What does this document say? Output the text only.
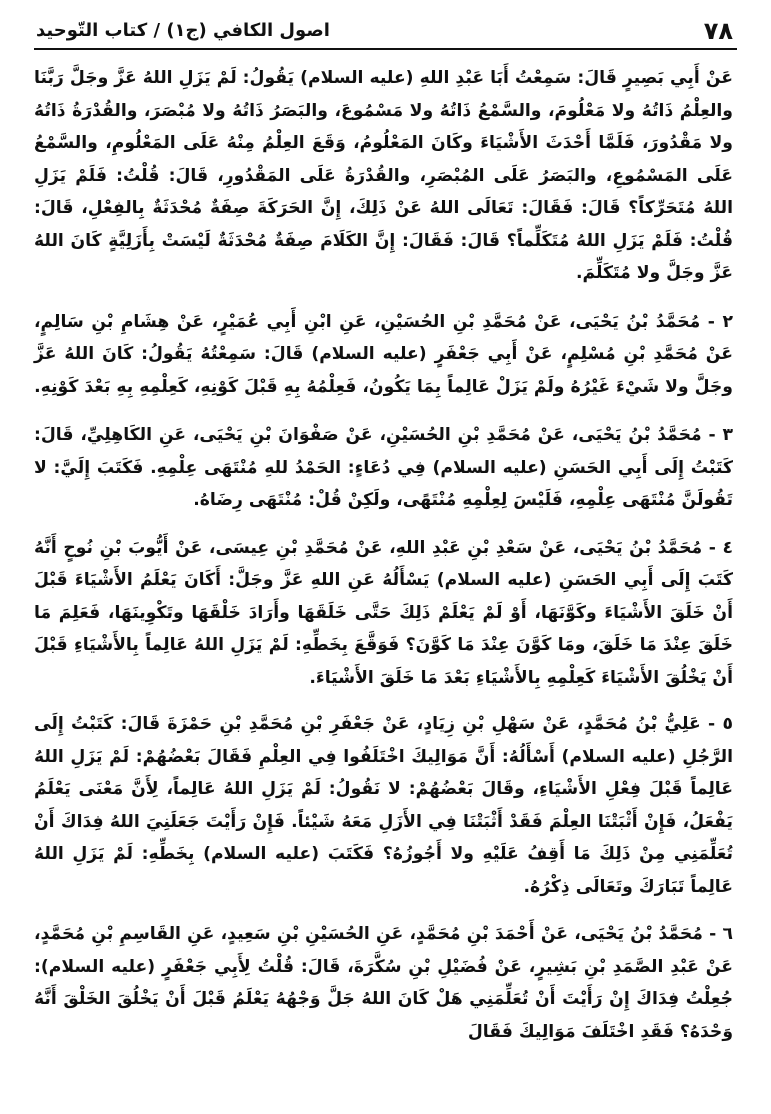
٧٨
اصول الكافي (ج١) / كتاب التّوحيد

عَنْ أَبِي بَصِيرٍ قَالَ: سَمِعْتُ أَبَا عَبْدِ اللهِ (عليه السلام) يَقُولُ: لَمْ يَزَلِ اللهُ عَزَّ وجَلَّ رَبَّنَا والعِلْمُ ذَاتُهُ ولا مَعْلُومَ، والسَّمْعُ ذَاتُهُ ولا مَسْمُوعَ، والبَصَرُ ذَاتُهُ ولا مُبْصَرَ، والقُدْرَةُ ذَاتُهُ ولا مَقْدُورَ، فَلَمَّا أَحْدَثَ الأَشْيَاءَ وكَانَ المَعْلُومُ، وَقَعَ العِلْمُ مِنْهُ عَلَى المَعْلُومِ، والسَّمْعُ عَلَى المَسْمُوعِ، والبَصَرُ عَلَى المُبْصَرِ، والقُدْرَةُ عَلَى المَقْدُورِ، قَالَ: قُلْتُ: فَلَمْ يَزَلِ اللهُ مُتَحَرِّكاً؟ قَالَ: فَقَالَ: تَعَالَى اللهُ عَنْ ذَلِكَ، إِنَّ الحَرَكَةَ صِفَةٌ مُحْدَثَةٌ بِالفِعْلِ، قَالَ: قُلْتُ: فَلَمْ يَزَلِ اللهُ مُتَكَلِّماً؟ قَالَ: فَقَالَ: إِنَّ الكَلَامَ صِفَةٌ مُحْدَثَةٌ لَيْسَتْ بِأَزَلِيَّةٍ كَانَ اللهُ عَزَّ وجَلَّ ولا مُتَكَلِّمَ.

٢ - مُحَمَّدُ بْنُ يَحْيَى، عَنْ مُحَمَّدِ بْنِ الحُسَيْنِ، عَنِ ابْنِ أَبِي عُمَيْرٍ، عَنْ هِشَامِ بْنِ سَالِمٍ، عَنْ مُحَمَّدِ بْنِ مُسْلِمٍ، عَنْ أَبِي جَعْفَرٍ (عليه السلام) قَالَ: سَمِعْتُهُ يَقُولُ: كَانَ اللهُ عَزَّ وجَلَّ ولا شَيْءَ غَيْرُهُ ولَمْ يَزَلْ عَالِماً بِمَا يَكُونُ، فَعِلْمُهُ بِهِ قَبْلَ كَوْنِهِ، كَعِلْمِهِ بِهِ بَعْدَ كَوْنِهِ.

٣ - مُحَمَّدُ بْنُ يَحْيَى، عَنْ مُحَمَّدِ بْنِ الحُسَيْنِ، عَنْ صَفْوَانَ بْنِ يَحْيَى، عَنِ الكَاهِلِيِّ، قَالَ: كَتَبْتُ إِلَى أَبِي الحَسَنِ (عليه السلام) فِي دُعَاءٍ: الحَمْدُ للهِ مُنْتَهَى عِلْمِهِ. فَكَتَبَ إِلَيَّ: لا تَقُولَنَّ مُنْتَهَى عِلْمِهِ، فَلَيْسَ لِعِلْمِهِ مُنْتَهًى، ولَكِنْ قُلْ: مُنْتَهَى رِضَاهُ.

٤ - مُحَمَّدُ بْنُ يَحْيَى، عَنْ سَعْدِ بْنِ عَبْدِ اللهِ، عَنْ مُحَمَّدِ بْنِ عِيسَى، عَنْ أَيُّوبَ بْنِ نُوحٍ أَنَّهُ كَتَبَ إِلَى أَبِي الحَسَنِ (عليه السلام) يَسْأَلُهُ عَنِ اللهِ عَزَّ وجَلَّ: أَكَانَ يَعْلَمُ الأَشْيَاءَ قَبْلَ أَنْ خَلَقَ الأَشْيَاءَ وكَوَّنَهَا، أَوْ لَمْ يَعْلَمْ ذَلِكَ حَتَّى خَلَقَهَا وأَرَادَ خَلْقَهَا وتَكْوِينَهَا، فَعَلِمَ مَا خَلَقَ عِنْدَ مَا خَلَقَ، ومَا كَوَّنَ عِنْدَ مَا كَوَّنَ؟ فَوَقَّعَ بِخَطِّهِ: لَمْ يَزَلِ اللهُ عَالِماً بِالأَشْيَاءِ قَبْلَ أَنْ يَخْلُقَ الأَشْيَاءَ كَعِلْمِهِ بِالأَشْيَاءِ بَعْدَ مَا خَلَقَ الأَشْيَاءَ.

٥ - عَلِيُّ بْنُ مُحَمَّدٍ، عَنْ سَهْلِ بْنِ زِيَادٍ، عَنْ جَعْفَرِ بْنِ مُحَمَّدِ بْنِ حَمْزَةَ قَالَ: كَتَبْتُ إِلَى الرَّجُلِ (عليه السلام) أَسْأَلُهُ: أَنَّ مَوَالِيكَ اخْتَلَفُوا فِي العِلْمِ فَقَالَ بَعْضُهُمْ: لَمْ يَزَلِ اللهُ عَالِماً قَبْلَ فِعْلِ الأَشْيَاءِ، وقَالَ بَعْضُهُمْ: لا نَقُولُ: لَمْ يَزَلِ اللهُ عَالِماً، لِأَنَّ مَعْنَى يَعْلَمُ يَفْعَلُ، فَإِنْ أَثْبَتْنَا العِلْمَ فَقَدْ أَثْبَتْنَا فِي الأَزَلِ مَعَهُ شَيْئاً. فَإِنْ رَأَيْتَ جَعَلَنِيَ اللهُ فِدَاكَ أَنْ تُعَلِّمَنِي مِنْ ذَلِكَ مَا أَقِفُ عَلَيْهِ ولا أَجُوزُهُ؟ فَكَتَبَ (عليه السلام) بِخَطِّهِ: لَمْ يَزَلِ اللهُ عَالِماً تَبَارَكَ وتَعَالَى ذِكْرُهُ.

٦ - مُحَمَّدُ بْنُ يَحْيَى، عَنْ أَحْمَدَ بْنِ مُحَمَّدٍ، عَنِ الحُسَيْنِ بْنِ سَعِيدٍ، عَنِ القَاسِمِ بْنِ مُحَمَّدٍ، عَنْ عَبْدِ الصَّمَدِ بْنِ بَشِيرٍ، عَنْ فُضَيْلِ بْنِ سُكَّرَةَ، قَالَ: قُلْتُ لِأَبِي جَعْفَرٍ (عليه السلام): جُعِلْتُ فِدَاكَ إِنْ رَأَيْتَ أَنْ تُعَلِّمَنِي هَلْ كَانَ اللهُ جَلَّ وَجْهُهُ يَعْلَمُ قَبْلَ أَنْ يَخْلُقَ الخَلْقَ أَنَّهُ وَحْدَهُ؟ فَقَدِ اخْتَلَفَ مَوَالِيكَ فَقَالَ
